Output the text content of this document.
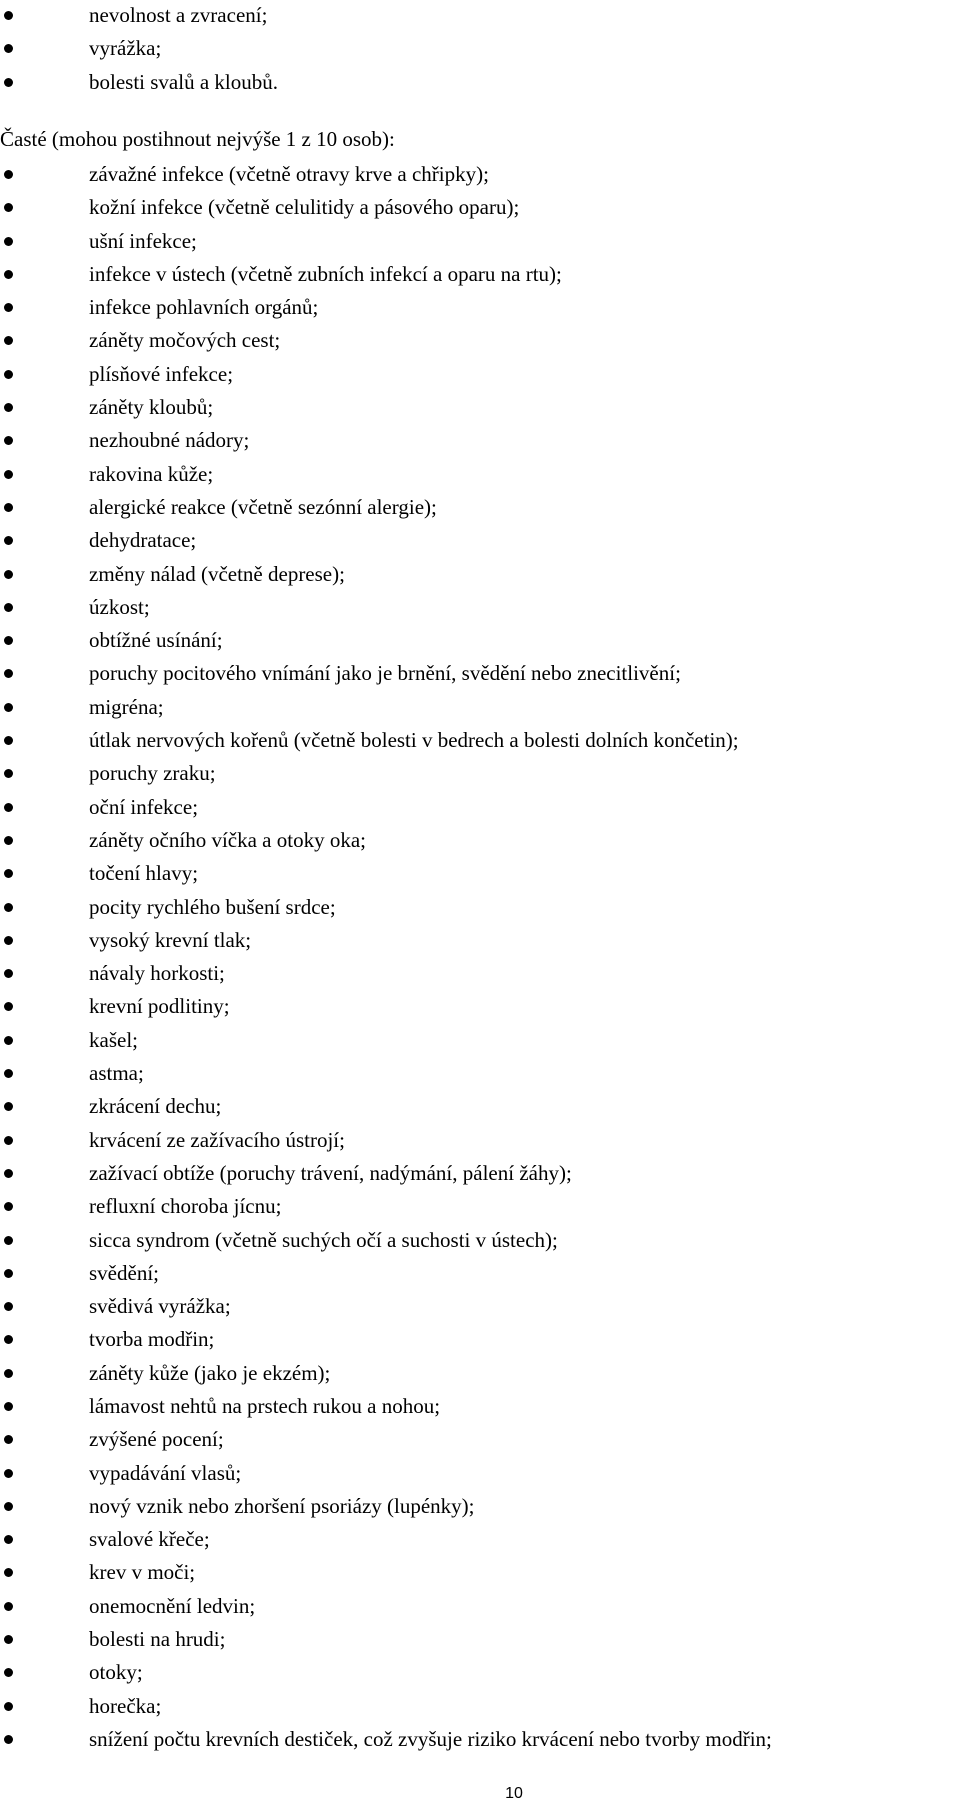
nevolnost a zvracení;
vyrážka;
bolesti svalů a kloubů.
Časté (mohou postihnout nejvýše 1 z 10 osob):
závažné infekce (včetně otravy krve a chřipky);
kožní infekce (včetně celulitidy a pásového oparu);
ušní infekce;
infekce v ústech (včetně zubních infekcí a oparu na rtu);
infekce pohlavních orgánů;
záněty močových cest;
plísňové infekce;
záněty kloubů;
nezhoubné nádory;
rakovina kůže;
alergické reakce (včetně sezónní alergie);
dehydratace;
změny nálad (včetně deprese);
úzkost;
obtížné usínání;
poruchy pocitového vnímání jako je brnění, svědění nebo znecitlivění;
migréna;
útlak nervových kořenů (včetně bolesti v bedrech a bolesti dolních končetin);
poruchy zraku;
oční infekce;
záněty očního víčka a otoky oka;
točení hlavy;
pocity rychlého bušení srdce;
vysoký krevní tlak;
návaly horkosti;
krevní podlitiny;
kašel;
astma;
zkrácení dechu;
krvácení ze zažívacího ústrojí;
zažívací obtíže (poruchy trávení, nadýmání, pálení žáhy);
refluxní choroba jícnu;
sicca syndrom (včetně suchých očí a suchosti v ústech);
svědění;
svědivá vyrážka;
tvorba modřin;
záněty kůže (jako je ekzém);
lámavost nehtů na prstech rukou a nohou;
zvýšené pocení;
vypadávání vlasů;
nový vznik nebo zhoršení psoriázy (lupénky);
svalové křeče;
krev v moči;
onemocnění ledvin;
bolesti na hrudi;
otoky;
horečka;
snížení počtu krevních destiček, což zvyšuje riziko krvácení nebo tvorby modřin;
10
